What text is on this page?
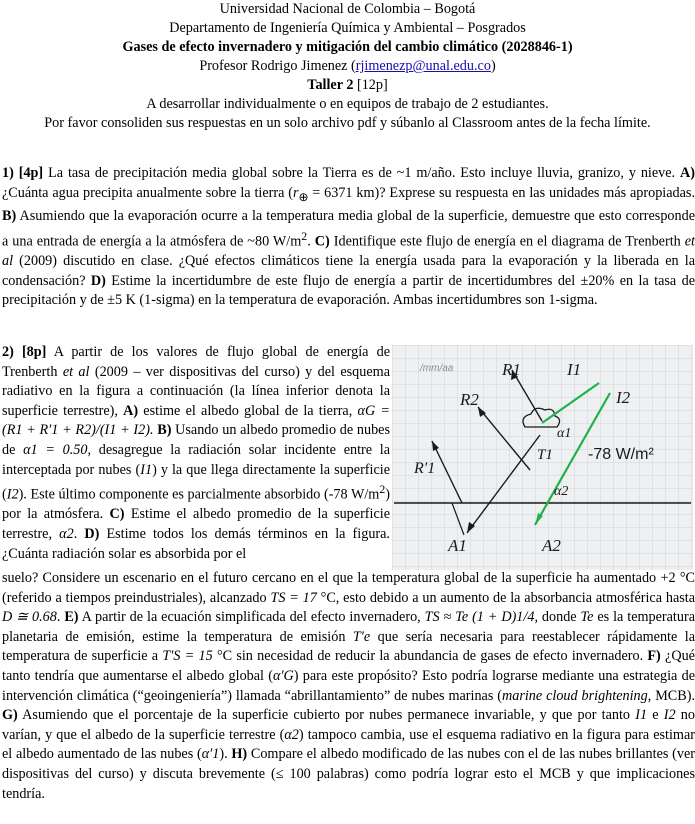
Universidad Nacional de Colombia – Bogotá
Departamento de Ingeniería Química y Ambiental – Posgrados
Gases de efecto invernadero y mitigación del cambio climático (2028846-1)
Profesor Rodrigo Jimenez (rjimenezp@unal.edu.co)
Taller 2 [12p]
A desarrollar individualmente o en equipos de trabajo de 2 estudiantes.
Por favor consoliden sus respuestas en un solo archivo pdf y súbanlo al Classroom antes de la fecha límite.

1) [4p] La tasa de precipitación media global sobre la Tierra es de ~1 m/año. Esto incluye lluvia, granizo, y nieve. A) ¿Cuánta agua precipita anualmente sobre la tierra ($r_\oplus = 6371$ km)? Exprese su respuesta en las unidades más apropiadas. B) Asumiendo que la evaporación ocurre a la temperatura media global de la superficie, demuestre que esto corresponde a una entrada de energía a la atmósfera de ~80 $W/m^2$. C) Identifique este flujo de energía en el diagrama de Trenberth et al (2009) discutido en clase. ¿Qué efectos climáticos tiene la energía usada para la evaporación y la liberada en la condensación? D) Estime la incertidumbre de este flujo de energía a partir de incertidumbres del ±20% en la tasa de precipitación y de ±5 K (1-sigma) en la temperatura de evaporación. Ambas incertidumbres son 1-sigma.

2) [8p] A partir de los valores de flujo global de energía de Trenberth et al (2009 – ver dispositivas del curso) y del esquema radiativo en la figura a continuación (la línea inferior denota la superficie terrestre), A) estime el albedo global de la tierra, αG = (R1 + R′1 + R2)/(I1 + I2). B) Usando un albedo promedio de nubes de α1 = 0.50, desagregue la radiación solar incidente entre la interceptada por nubes (I1) y la que llega directamente la superficie (I2). Este último componente es parcialmente absorbido (-78 $W/m^2$) por la atmósfera. C) Estime el albedo promedio de la superficie terrestre, α2. D) Estime todos los demás términos en la figura. ¿Cuánta radiación solar es absorbida por el

suelo? Considere un escenario en el futuro cercano en el que la temperatura global de la superficie ha aumentado +2 °C (referido a tiempos preindustriales), alcanzado TS = 17 °C, esto debido a un aumento de la absorbancia atmosférica hasta D ≅ 0.68. E) A partir de la ecuación simplificada del efecto invernadero, TS ≈ Te (1 + D)1/4, donde Te es la temperatura planetaria de emisión, estime la temperatura de emisión T′e que sería necesaria para reestablecer rápidamente la temperatura de superficie a T′S = 15 °C sin necesidad de reducir la abundancia de gases de efecto invernadero. F) ¿Qué tanto tendría que aumentarse el albedo global (α′G) para este propósito? Esto podría lograrse mediante una estrategia de intervención climática (“geoingeniería”) llamada “abrillantamiento” de nubes marinas (marine cloud brightening, MCB). G) Asumiendo que el porcentaje de la superficie cubierto por nubes permanece invariable, y que por tanto I1 e I2 no varían, y que el albedo de la superficie terrestre (α2) tampoco cambia, use el esquema radiativo en la figura para estimar el albedo aumentado de las nubes (α′1). H) Compare el albedo modificado de las nubes con el de las nubes brillantes (ver dispositivas del curso) y discuta brevemente (≤ 100 palabras) como podría lograr esto el MCB y que implicaciones tendría.

/mm/aa	R1	I1
R2	I2
α1
T1 -78 W/m²
R′1
α2
A1	A2
